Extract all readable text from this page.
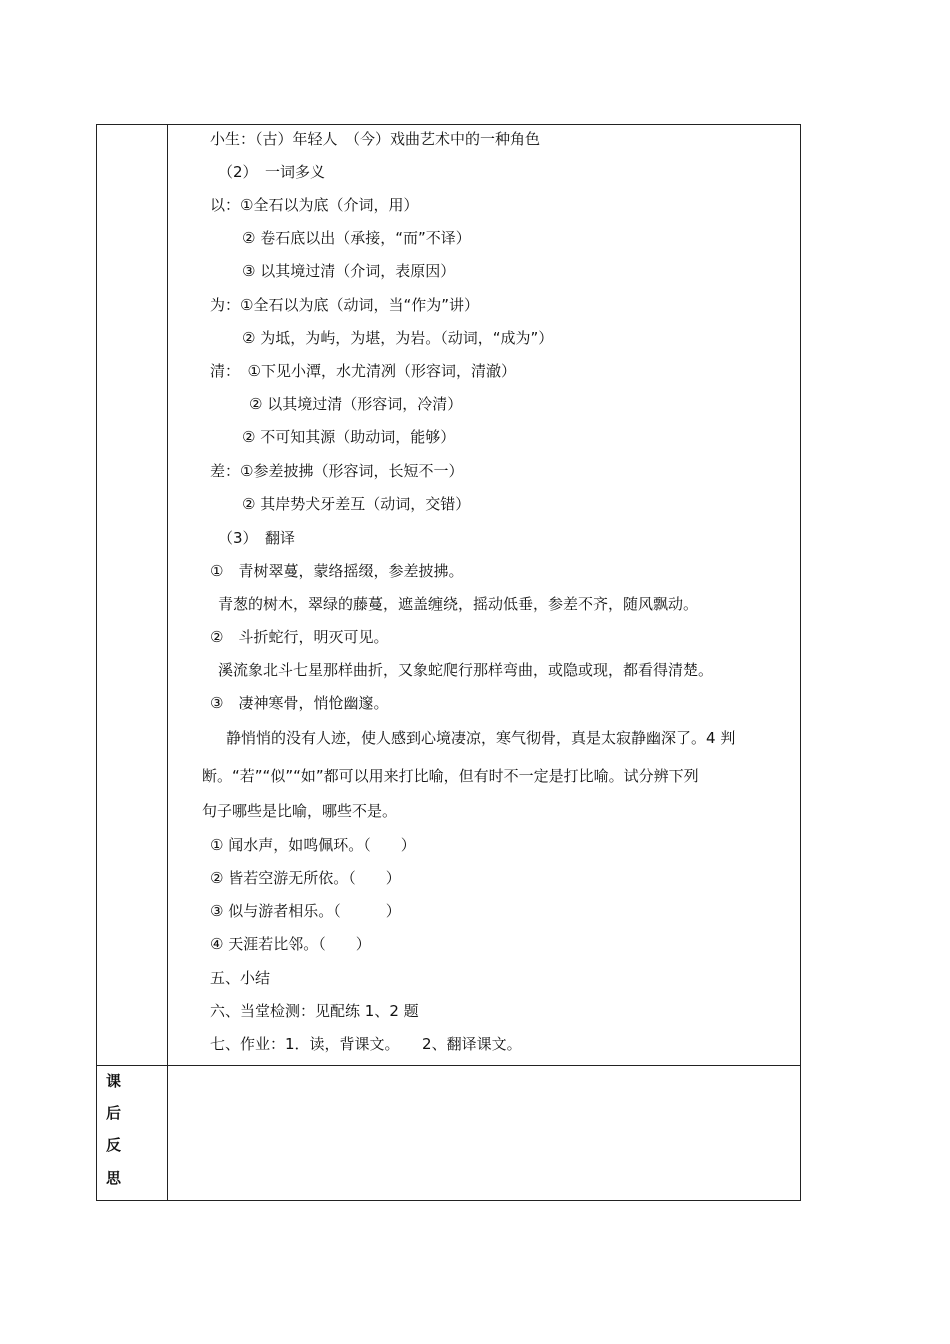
小生：（古）年轻人　（今）戏曲艺术中的一种角色
（2）　一词多义
以：①全石以为底（介词，用）
② 卷石底以出（承接，“而”不译）
③ 以其境过清（介词，表原因）
为：①全石以为底（动词，当“作为”讲）
② 为坻，为屿，为堪，为岩。（动词，“成为”）
清：　①下见小潭，水尤清冽（形容词，清澈）
② 以其境过清（形容词，冷清）
② 不可知其源（助动词，能够）
差：①参差披拂（形容词，长短不一）
② 其岸势犬牙差互（动词，交错）
（3）　翻译
①　青树翠蔓，蒙络摇缀，参差披拂。
青葱的树木，翠绿的藤蔓，遮盖缠绕，摇动低垂，参差不齐，随风飘动。
②　斗折蛇行，明灭可见。
溪流象北斗七星那样曲折，又象蛇爬行那样弯曲，或隐或现，都看得清楚。
③　凄神寒骨，悄怆幽邃。
静悄悄的没有人迹，使人感到心境凄凉，寒气彻骨，真是太寂静幽深了。4 判
断。“若”“似”“如”都可以用来打比喻，但有时不一定是打比喻。试分辨下列
句子哪些是比喻，哪些不是。
① 闻水声，如鸣佩环。（　　）
② 皆若空游无所依。（　　）
③ 似与游者相乐。（　　　）
④ 天涯若比邻。（　　）
五、小结
六、当堂检测：见配练 1、2 题
七、作业：1．读，背课文。　　2、翻译课文。
课
后
反
思
